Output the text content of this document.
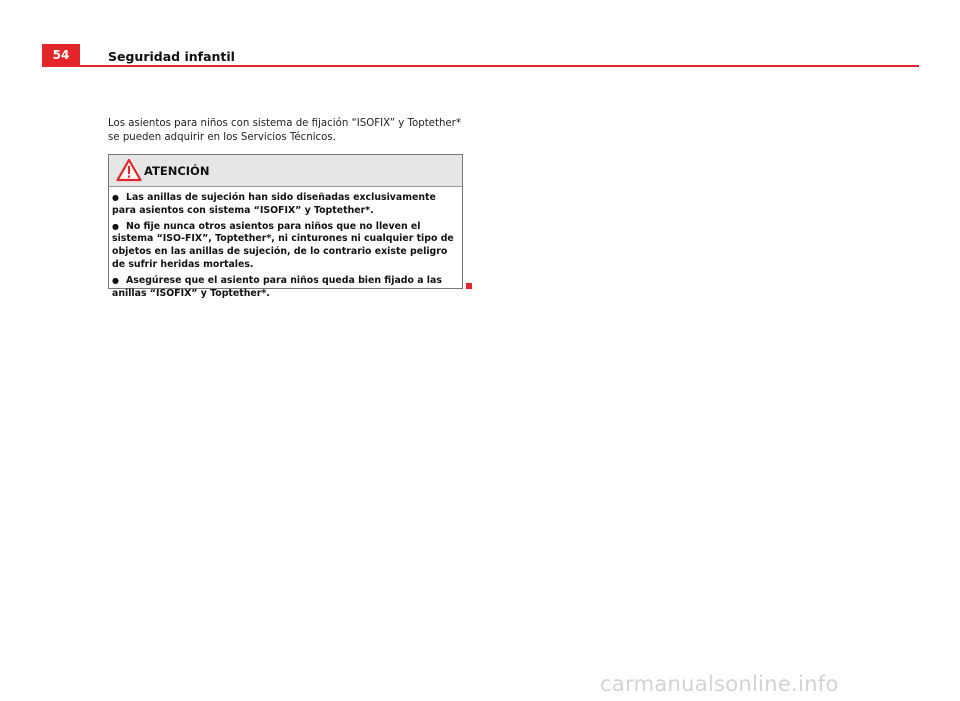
54	Seguridad infantil

Los asientos para niños con sistema de fijación “ISOFIX” y Toptether* se pueden adquirir en los Servicios Técnicos.

ATENCIÓN
● Las anillas de sujeción han sido diseñadas exclusivamente para asientos con sistema “ISOFIX” y Toptether*.
● No fije nunca otros asientos para niños que no lleven el sistema “ISO-FIX”, Toptether*, ni cinturones ni cualquier tipo de objetos en las anillas de sujeción, de lo contrario existe peligro de sufrir heridas mortales.
● Asegúrese que el asiento para niños queda bien fijado a las anillas “ISOFIX” y Toptether*.
carmanualsonline.info
